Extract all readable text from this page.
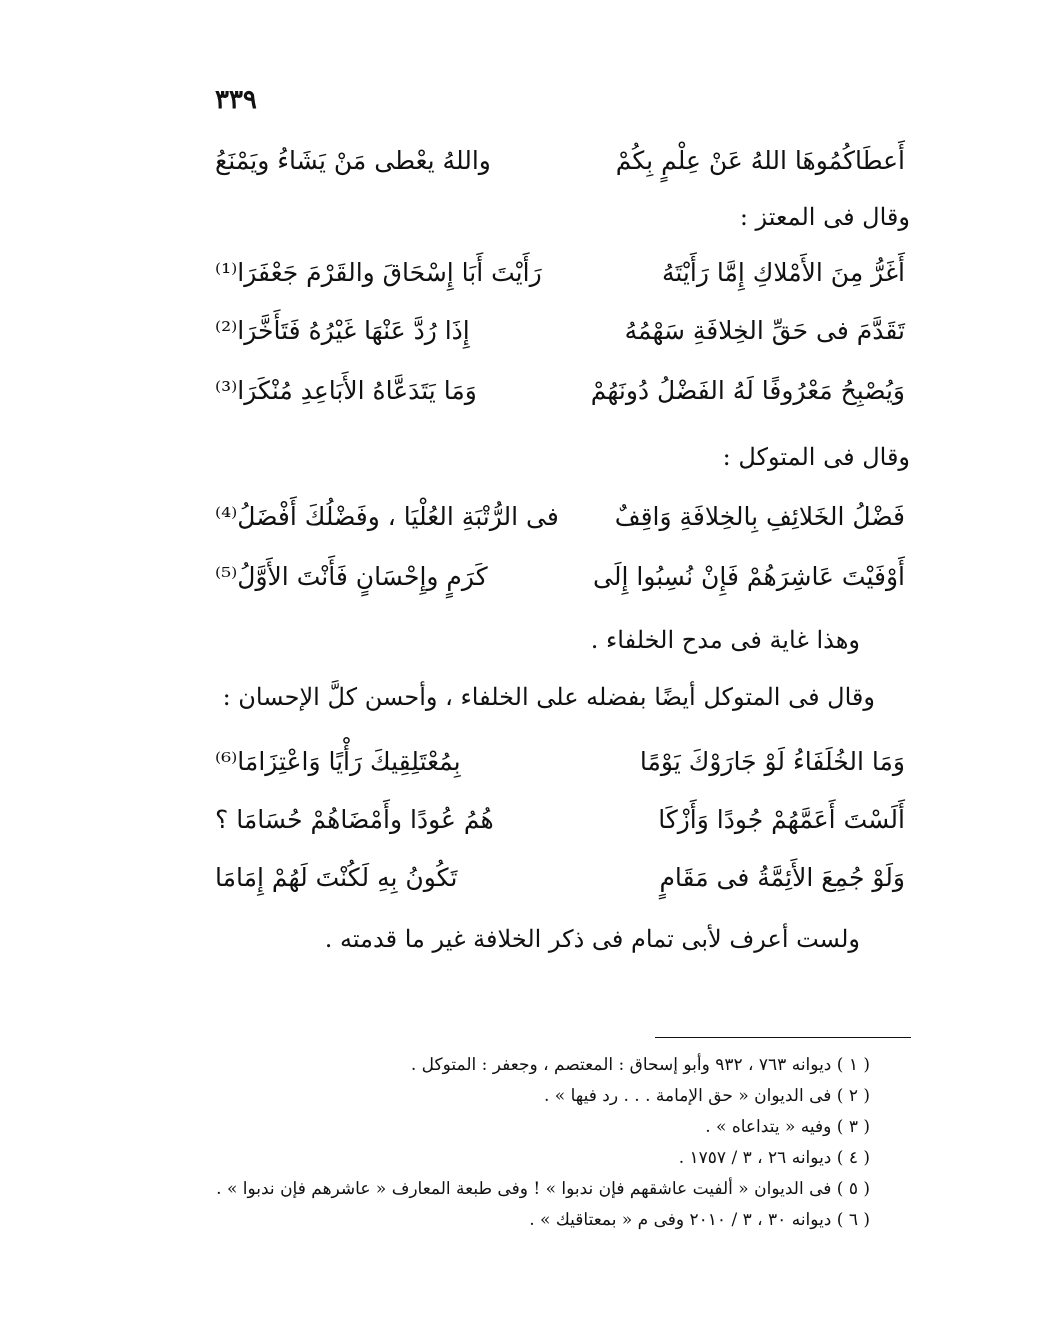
٣٣٩
أَعطَاكُمُوهَا اللهُ عَنْ عِلْمٍ بِكُمْ
واللهُ يعْطى مَنْ يَشَاءُ ويَمْنَعُ
وقال فى المعتز :
أَغَرُّ مِنَ الأَمْلاكِ إِمَّا رَأَيْتَهُ
رَأَيْتَ أَبَا إِسْحَاقَ والقَرْمَ جَعْفَرَا⁽¹⁾
تَقَدَّمَ فى حَقِّ الخِلافَةِ سَهْمُهُ
إِذَا رُدَّ عَنْهَا غَيْرُهُ فَتَأَخَّرَا⁽²⁾
وَيُصْبِحُ مَعْرُوفًا لَهُ الفَضْلُ دُونَهُمْ
وَمَا يَتَدَعَّاهُ الأَبَاعِدِ مُنْكَرَا⁽³⁾
وقال فى المتوكل :
فَضْلُ الخَلائِفِ بِالخِلافَةِ وَاقِفٌ
فى الرُّتْبَةِ العُلْيَا ، وفَضْلُكَ أَفْضَلُ⁽⁴⁾
أَوْفَيْتَ عَاشِرَهُمْ فَإِنْ نُسِبُوا إِلَى
كَرَمٍ وإِحْسَانٍ فَأَنْتَ الأَوَّلُ⁽⁵⁾
وهذا غاية فى مدح الخلفاء .
وقال فى المتوكل أيضًا بفضله على الخلفاء ، وأحسن كلَّ الإحسان :
وَمَا الخُلَفَاءُ لَوْ جَارَوْكَ يَوْمًا
بِمُعْتَلِقِيكَ رَأْيًا وَاعْتِزَامَا⁽⁶⁾
أَلَسْتَ أَعَمَّهُمْ جُودًا وَأَزْكَا
هُمُ عُودًا وأَمْضَاهُمْ حُسَامَا ؟
وَلَوْ جُمِعَ الأَئِمَّةُ فى مَقَامٍ
تَكُونُ بِهِ لَكُنْتَ لَهُمْ إِمَامَا
ولست أعرف لأبى تمام فى ذكر الخلافة غير ما قدمته .
( ١ ) ديوانه ٧٦٣ ، ٩٣٢ وأبو إسحاق : المعتصم ، وجعفر : المتوكل .
( ٢ ) فى الديوان « حق الإمامة . . . رد فيها » .
( ٣ ) وفيه « يتداعاه » .
( ٤ ) ديوانه ٢٦ ، ٣ / ١٧٥٧ .
( ٥ ) فى الديوان « ألفيت عاشقهم فإن ندبوا » ! وفى طبعة المعارف « عاشرهم فإن ندبوا » .
( ٦ ) ديوانه ٣٠ ، ٣ / ٢٠١٠ وفى م « بمعتاقيك » .
